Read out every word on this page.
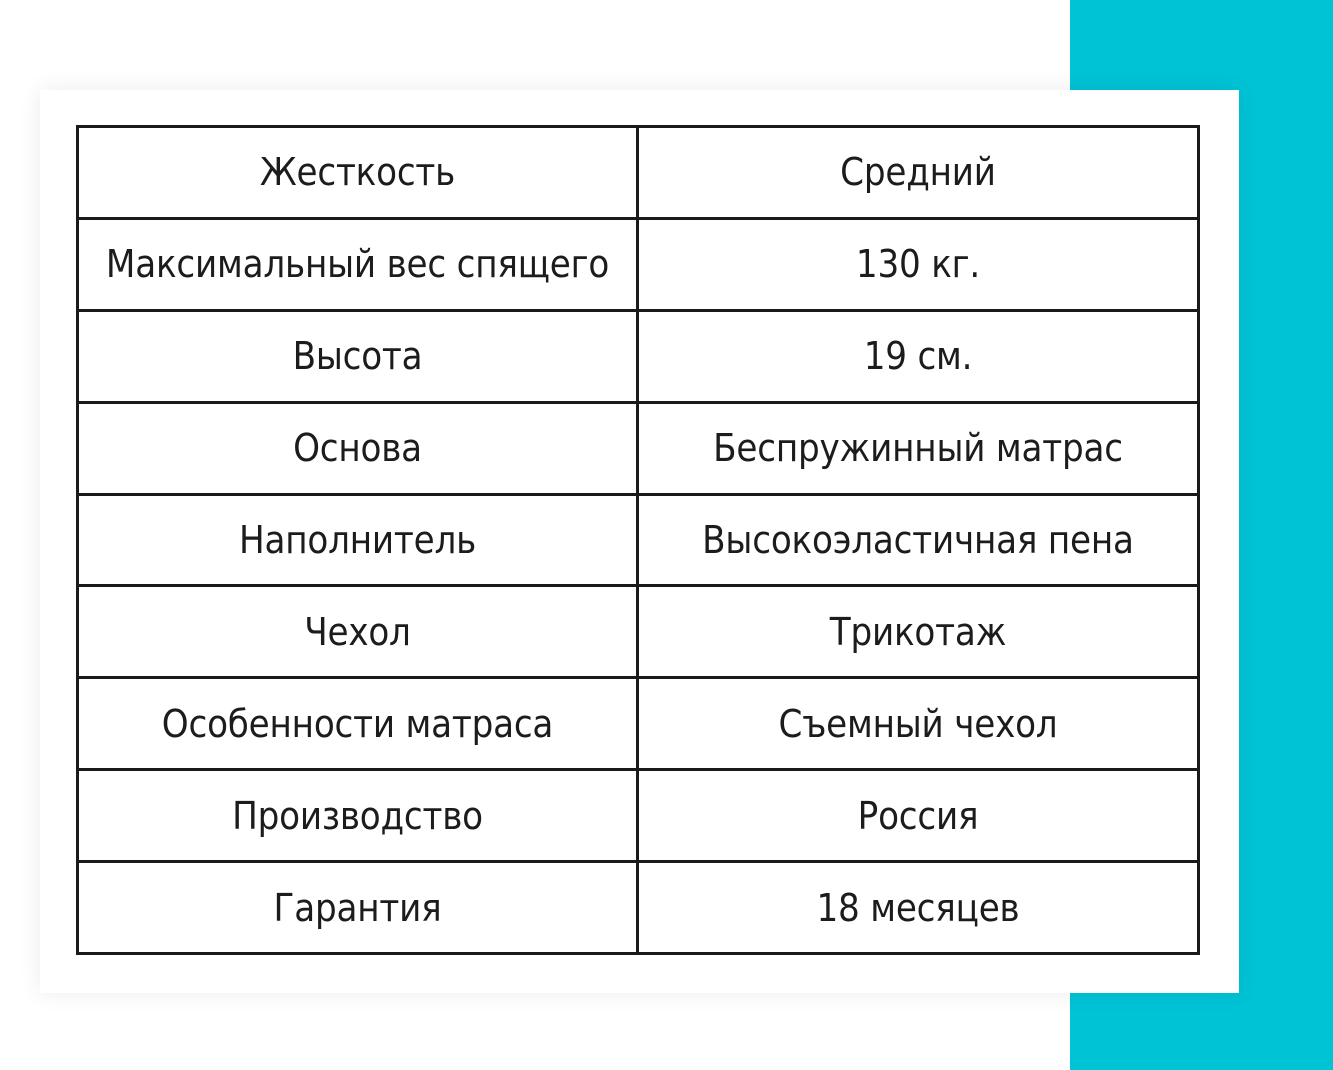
Жесткость	Средний
Максимальный вес спящего	130 кг.
Высота	19 см.
Основа	Беспружинный матрас
Наполнитель	Высокоэластичная пена
Чехол	Трикотаж
Особенности матраса	Съемный чехол
Производство	Россия
Гарантия	18 месяцев
